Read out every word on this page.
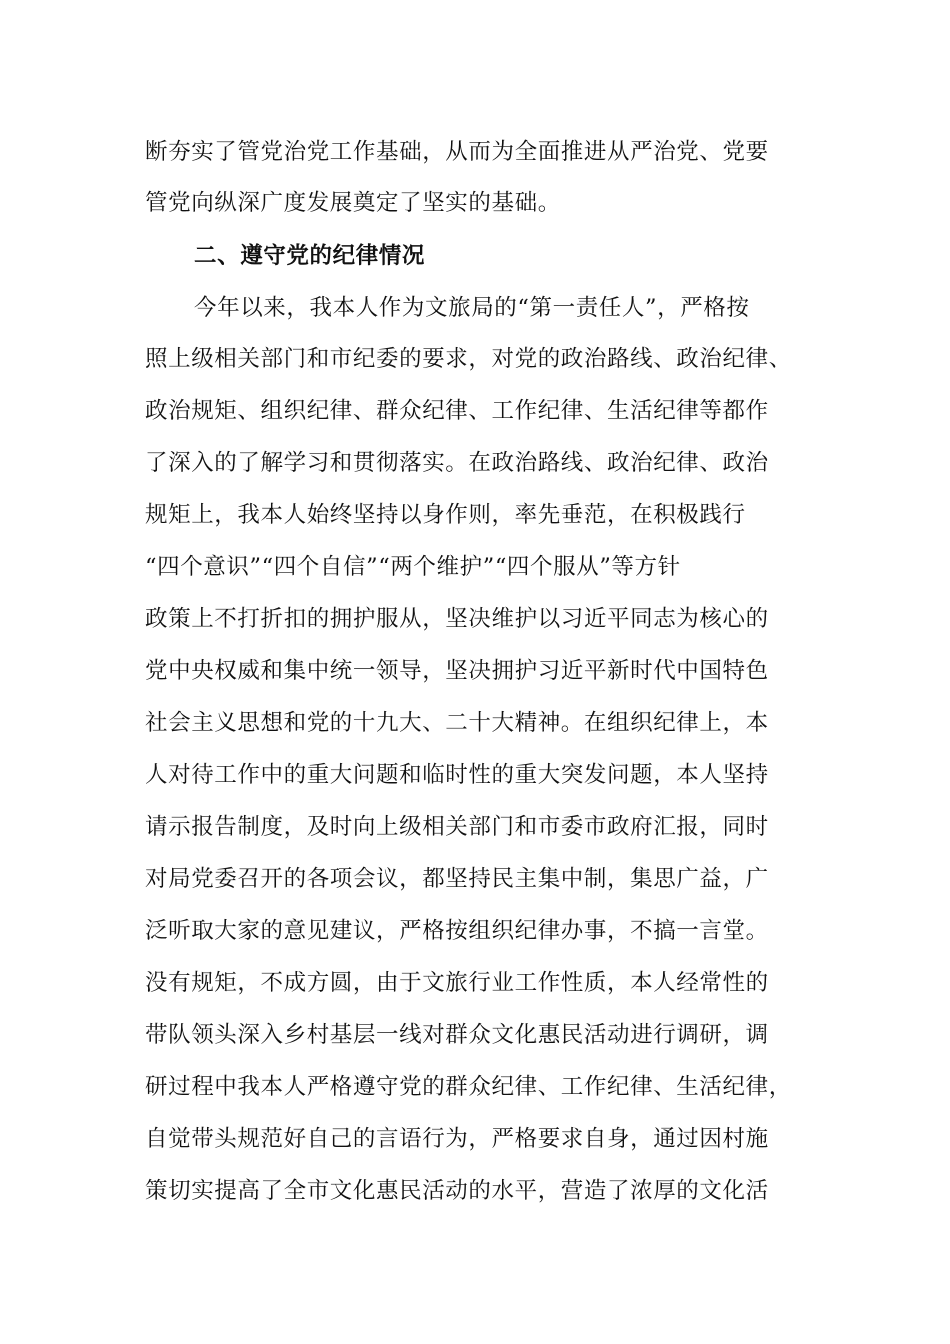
断夯实了管党治党工作基础，从而为全面推进从严治党、党要
管党向纵深广度发展奠定了坚实的基础。
二、遵守党的纪律情况
今年以来，我本人作为文旅局的“第一责任人”，严格按
照上级相关部门和市纪委的要求，对党的政治路线、政治纪律、
政治规矩、组织纪律、群众纪律、工作纪律、生活纪律等都作
了深入的了解学习和贯彻落实。在政治路线、政治纪律、政治
规矩上，我本人始终坚持以身作则，率先垂范，在积极践行
“四个意识”“四个自信”“两个维护”“四个服从”等方针
政策上不打折扣的拥护服从，坚决维护以习近平同志为核心的
党中央权威和集中统一领导，坚决拥护习近平新时代中国特色
社会主义思想和党的十九大、二十大精神。在组织纪律上，本
人对待工作中的重大问题和临时性的重大突发问题，本人坚持
请示报告制度，及时向上级相关部门和市委市政府汇报，同时
对局党委召开的各项会议，都坚持民主集中制，集思广益，广
泛听取大家的意见建议，严格按组织纪律办事，不搞一言堂。
没有规矩，不成方圆，由于文旅行业工作性质，本人经常性的
带队领头深入乡村基层一线对群众文化惠民活动进行调研，调
研过程中我本人严格遵守党的群众纪律、工作纪律、生活纪律，
自觉带头规范好自己的言语行为，严格要求自身，通过因村施
策切实提高了全市文化惠民活动的水平，营造了浓厚的文化活
